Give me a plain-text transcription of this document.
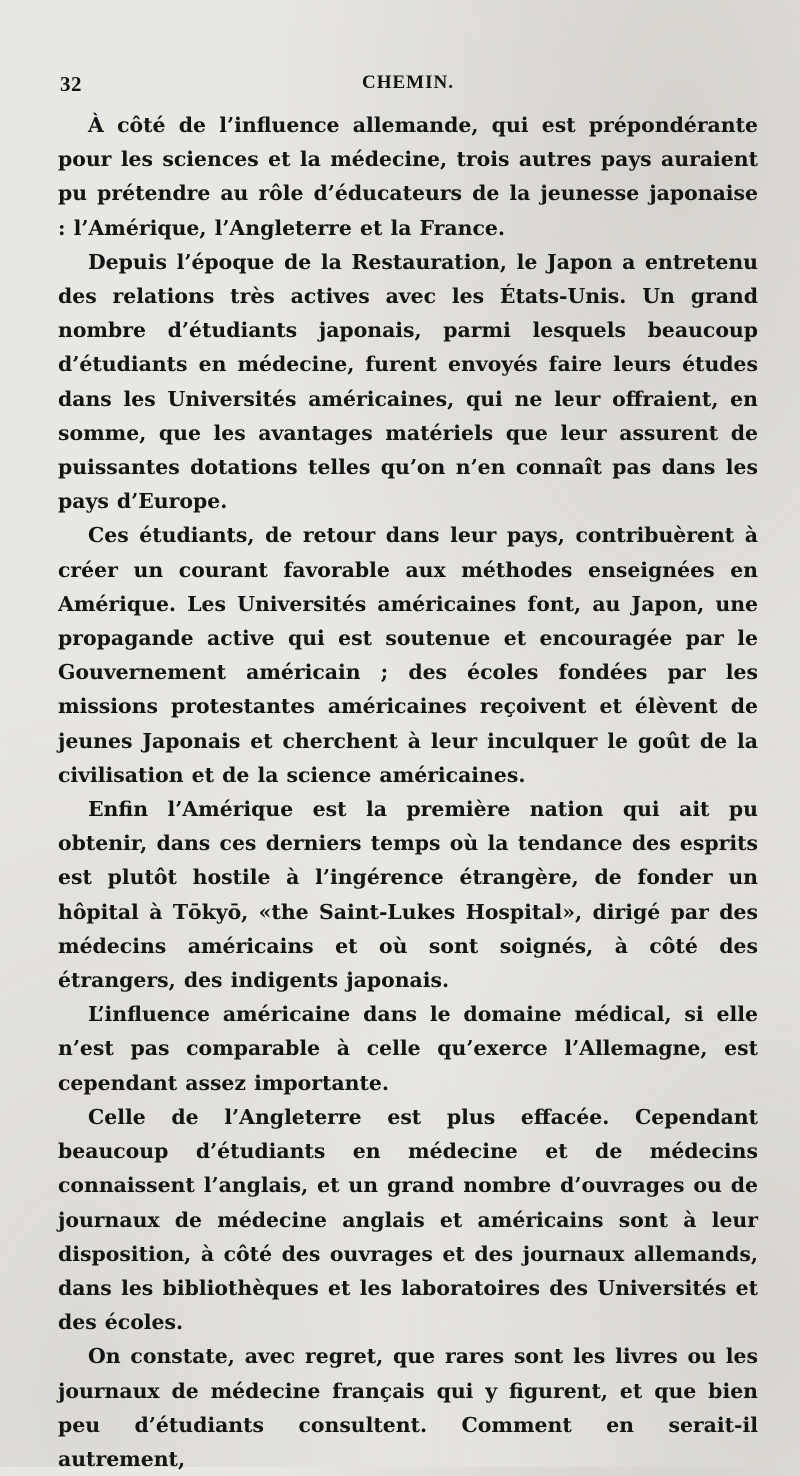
32	CHEMIN.

À côté de l’influence allemande, qui est prépondérante pour les sciences et la médecine, trois autres pays auraient pu prétendre au rôle d’éducateurs de la jeunesse japonaise : l’Amérique, l’Angleterre et la France.

Depuis l’époque de la Restauration, le Japon a entretenu des relations très actives avec les États-Unis. Un grand nombre d’étudiants japonais, parmi lesquels beaucoup d’étudiants en médecine, furent envoyés faire leurs études dans les Universités américaines, qui ne leur offraient, en somme, que les avantages matériels que leur assurent de puissantes dotations telles qu’on n’en connaît pas dans les pays d’Europe.

Ces étudiants, de retour dans leur pays, contribuèrent à créer un courant favorable aux méthodes enseignées en Amérique. Les Universités américaines font, au Japon, une propagande active qui est soutenue et encouragée par le Gouvernement américain ; des écoles fondées par les missions protestantes américaines reçoivent et élèvent de jeunes Japonais et cherchent à leur inculquer le goût de la civilisation et de la science américaines.

Enfin l’Amérique est la première nation qui ait pu obtenir, dans ces derniers temps où la tendance des esprits est plutôt hostile à l’ingérence étrangère, de fonder un hôpital à Tōkyō, «the Saint-Lukes Hospital», dirigé par des médecins américains et où sont soignés, à côté des étrangers, des indigents japonais.

L’influence américaine dans le domaine médical, si elle n’est pas comparable à celle qu’exerce l’Allemagne, est cependant assez importante.

Celle de l’Angleterre est plus effacée. Cependant beaucoup d’étudiants en médecine et de médecins connaissent l’anglais, et un grand nombre d’ouvrages ou de journaux de médecine anglais et américains sont à leur disposition, à côté des ouvrages et des journaux allemands, dans les bibliothèques et les laboratoires des Universités et des écoles.

On constate, avec regret, que rares sont les livres ou les journaux de médecine français qui y figurent, et que bien peu d’étudiants consultent. Comment en serait-il autrement,
